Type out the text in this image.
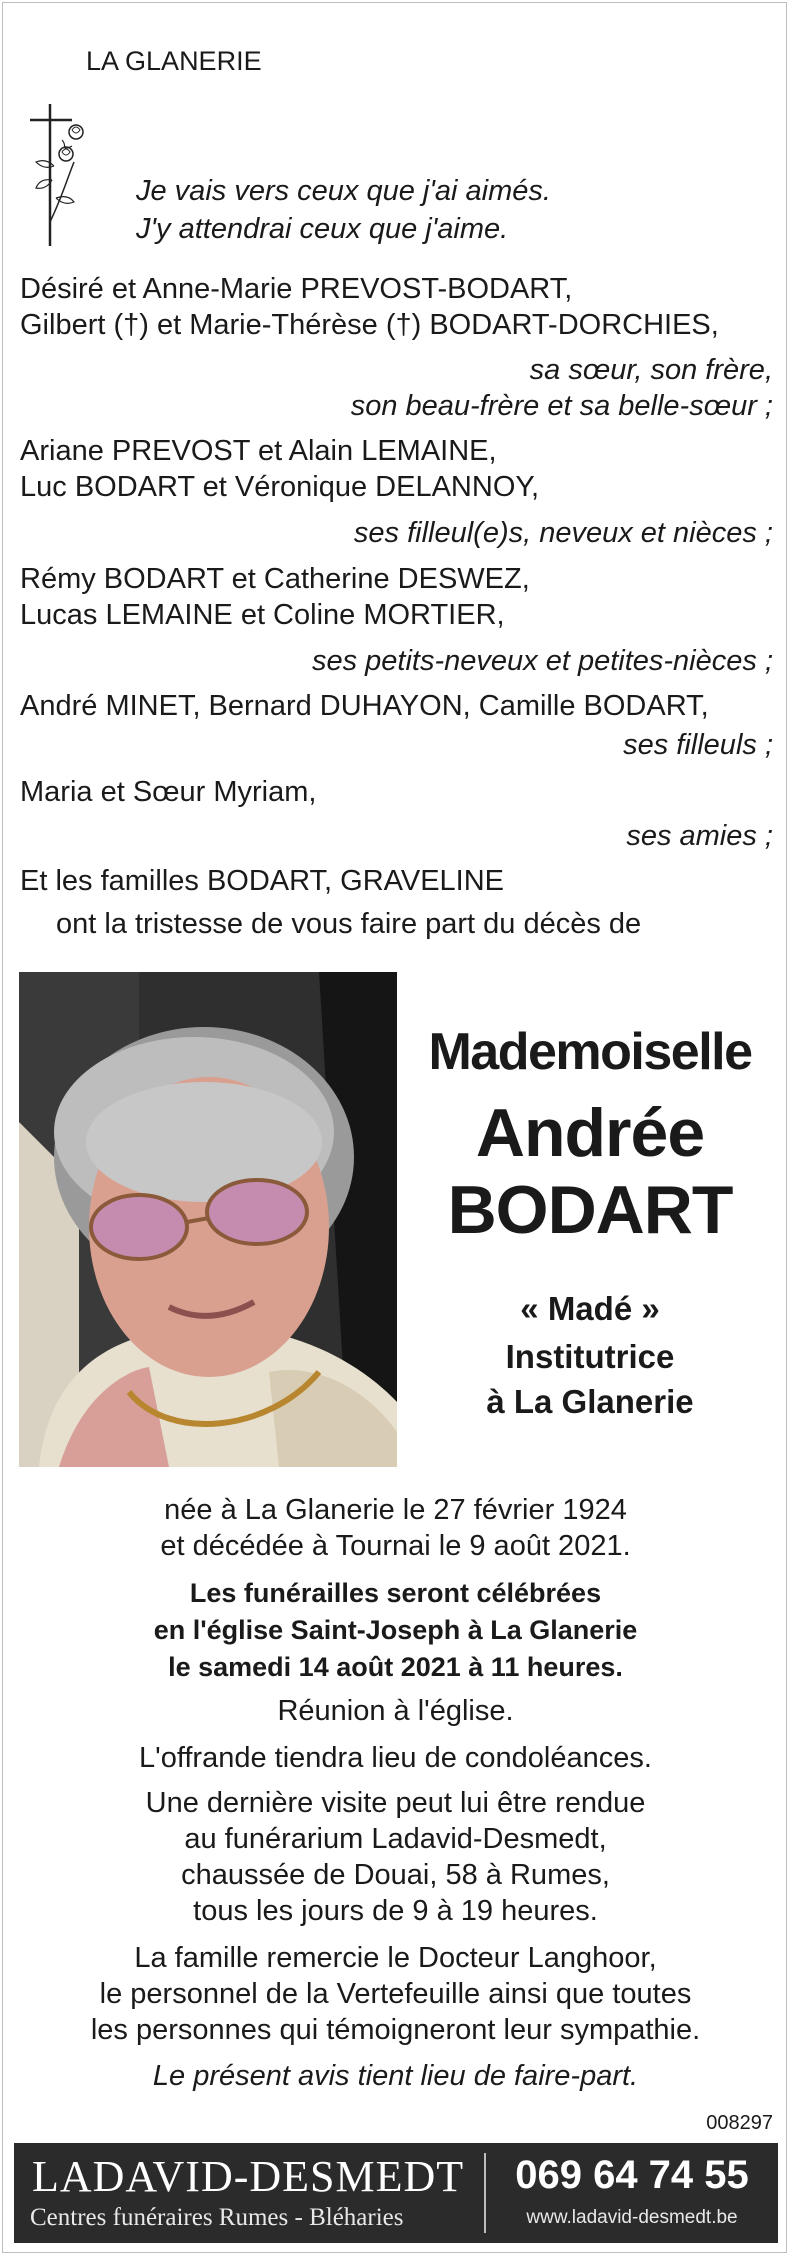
LA GLANERIE
Je vais vers ceux que j'ai aimés.
J'y attendrai ceux que j'aime.
Désiré et Anne-Marie PREVOST-BODART,
Gilbert (†) et Marie-Thérèse (†) BODART-DORCHIES,
sa sœur, son frère,
son beau-frère et sa belle-sœur ;
Ariane PREVOST et Alain LEMAINE,
Luc BODART et Véronique DELANNOY,
ses filleul(e)s, neveux et nièces ;
Rémy BODART et Catherine DESWEZ,
Lucas LEMAINE et Coline MORTIER,
ses petits-neveux et petites-nièces ;
André MINET, Bernard DUHAYON, Camille BODART,
ses filleuls ;
Maria et Sœur Myriam,
ses amies ;
Et les familles BODART, GRAVELINE
ont la tristesse de vous faire part du décès de
Mademoiselle
Andrée
BODART
« Madé »
Institutrice
à La Glanerie
née à La Glanerie le 27 février 1924
et décédée à Tournai le 9 août 2021.
Les funérailles seront célébrées
en l'église Saint-Joseph à La Glanerie
le samedi 14 août 2021 à 11 heures.
Réunion à l'église.
L'offrande tiendra lieu de condoléances.
Une dernière visite peut lui être rendue
au funérarium Ladavid-Desmedt,
chaussée de Douai, 58 à Rumes,
tous les jours de 9 à 19 heures.
La famille remercie le Docteur Langhoor,
le personnel de la Vertefeuille ainsi que toutes
les personnes qui témoigneront leur sympathie.
Le présent avis tient lieu de faire-part.
008297
LADAVID-DESMEDT
Centres funéraires Rumes - Bléharies
069 64 74 55
www.ladavid-desmedt.be
